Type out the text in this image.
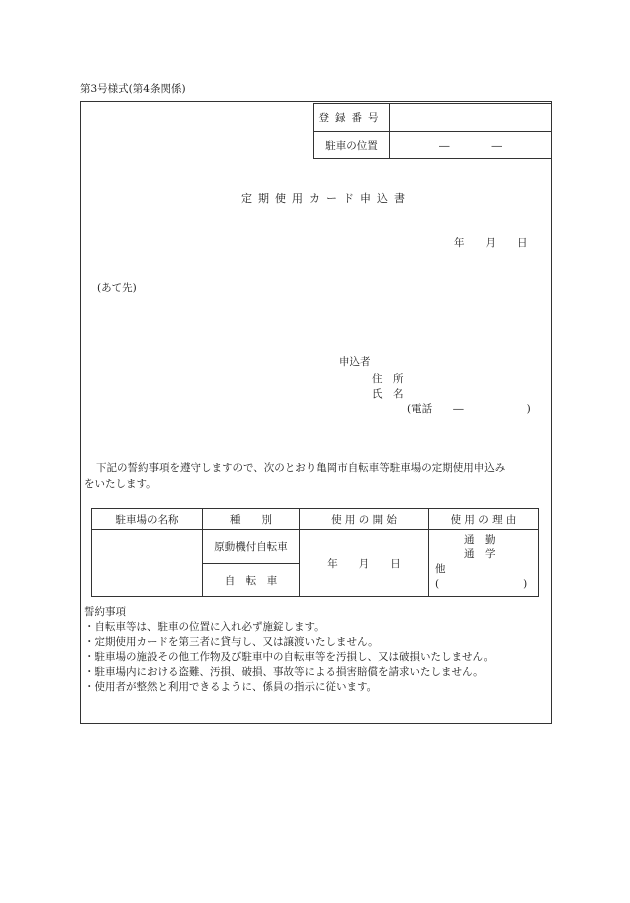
第3号様式(第4条関係)
登録番号	
駐車の位置	―　　　　―
定期使用カード申込書
年　　月　　日
(あて先)
申込者
住　所
氏　名
(電話　　―　　　　　　)
下記の誓約事項を遵守しますので、次のとおり亀岡市自転車等駐車場の定期使用申込み
をいたします。
駐車場の名称	種　　別	使 用 の 開 始	使 用 の 理 由
	原動機付自転車	年　　月　　日	通　勤
通　学
他
(　　　　　　　　)

	自　転　車		
誓約事項
・自転車等は、駐車の位置に入れ必ず施錠します。
・定期使用カードを第三者に貸与し、又は譲渡いたしません。
・駐車場の施設その他工作物及び駐車中の自転車等を汚損し、又は破損いたしません。
・駐車場内における盗難、汚損、破損、事故等による損害賠償を請求いたしません。
・使用者が整然と利用できるように、係員の指示に従います。
